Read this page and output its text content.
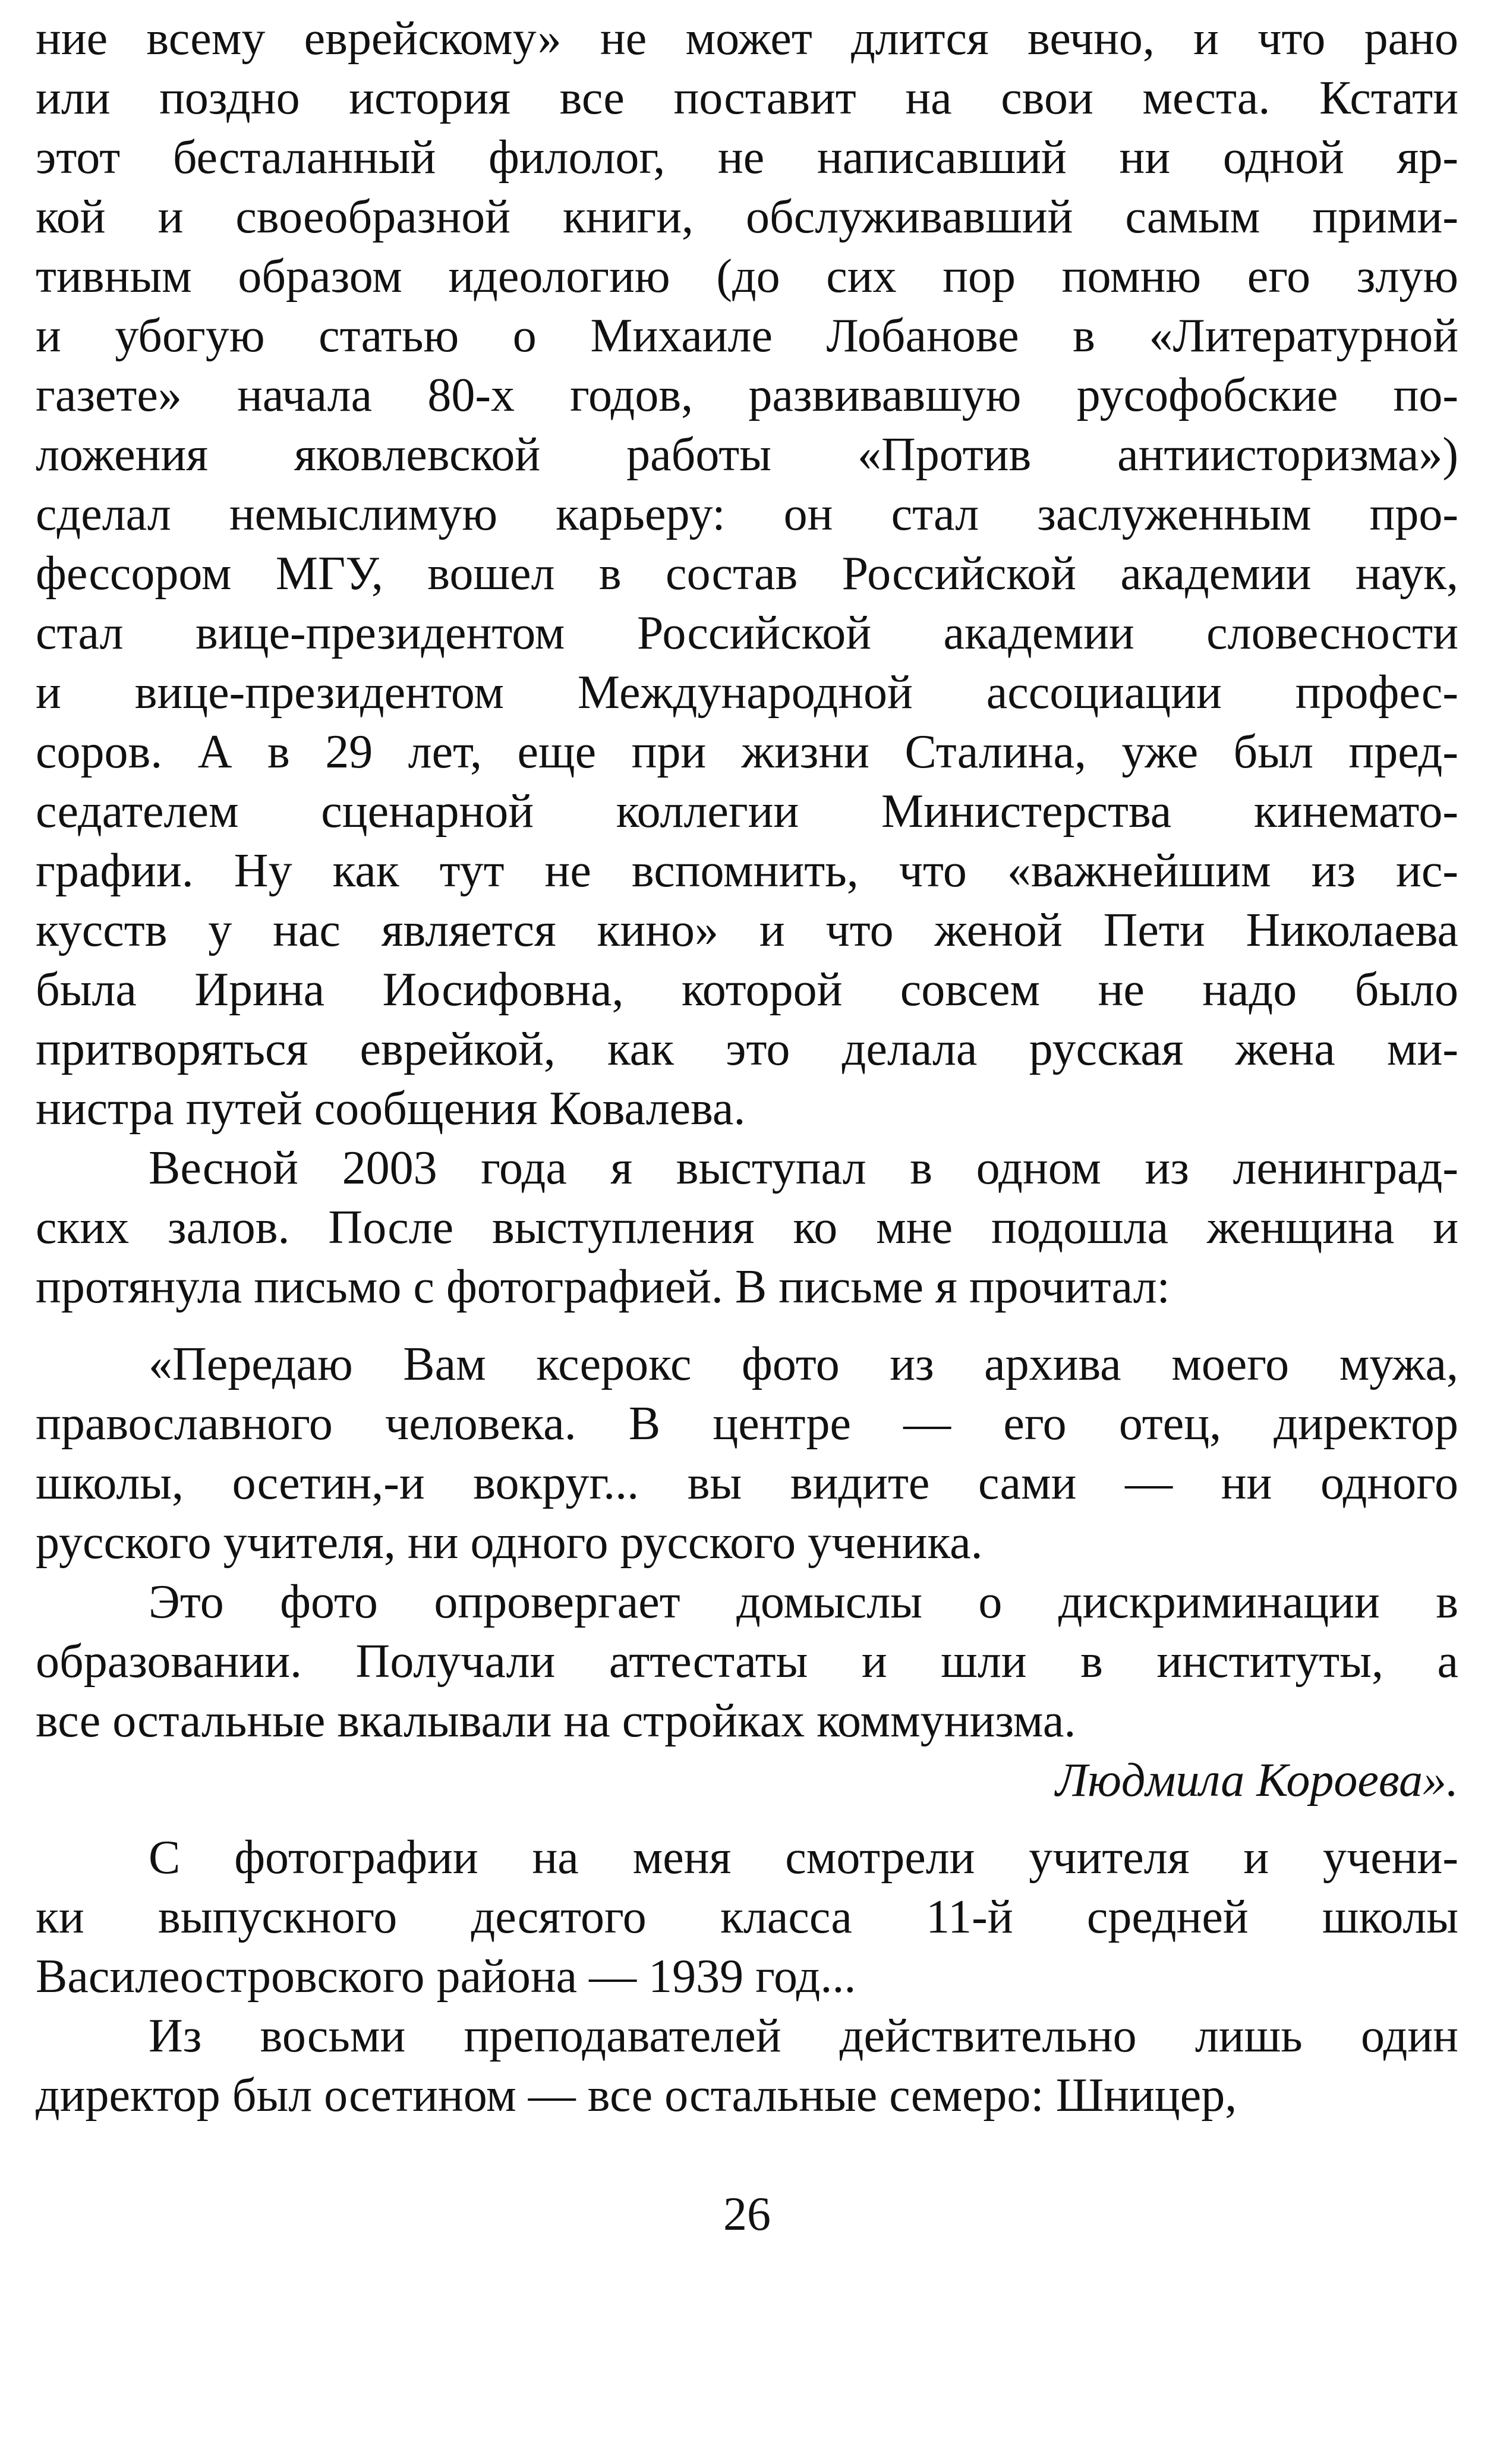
ние всему еврейскому» не может длится вечно, и что рано
или поздно история все поставит на свои места. Кстати
этот бесталанный филолог, не написавший ни одной яр-
кой и своеобразной книги, обслуживавший самым прими-
тивным образом идеологию (до сих пор помню его злую
и убогую статью о Михаиле Лобанове в «Литературной
газете» начала 80-х годов, развивавшую русофобские по-
ложения яковлевской работы «Против антиисторизма»)
сделал немыслимую карьеру: он стал заслуженным про-
фессором МГУ, вошел в состав Российской академии наук,
стал вице-президентом Российской академии словесности
и вице-президентом Международной ассоциации профес-
соров. А в 29 лет, еще при жизни Сталина, уже был пред-
седателем сценарной коллегии Министерства кинемато-
графии. Ну как тут не вспомнить, что «важнейшим из ис-
кусств у нас является кино» и что женой Пети Николаева
была Ирина Иосифовна, которой совсем не надо было
притворяться еврейкой, как это делала русская жена ми-
нистра путей сообщения Ковалева.
Весной 2003 года я выступал в одном из ленинград-
ских залов. После выступления ко мне подошла женщина и
протянула письмо с фотографией. В письме я прочитал:
«Передаю Вам ксерокс фото из архива моего мужа,
православного человека. В центре — его отец, директор
школы, осетин,-и вокруг... вы видите сами — ни одного
русского учителя, ни одного русского ученика.
Это фото опровергает домыслы о дискриминации в
образовании. Получали аттестаты и шли в институты, а
все остальные вкалывали на стройках коммунизма.
Людмила Короева».
С фотографии на меня смотрели учителя и учени-
ки выпускного десятого класса 11-й средней школы
Василеостровского района — 1939 год...
Из восьми преподавателей действительно лишь один
директор был осетином — все остальные семеро: Шницер,
26
